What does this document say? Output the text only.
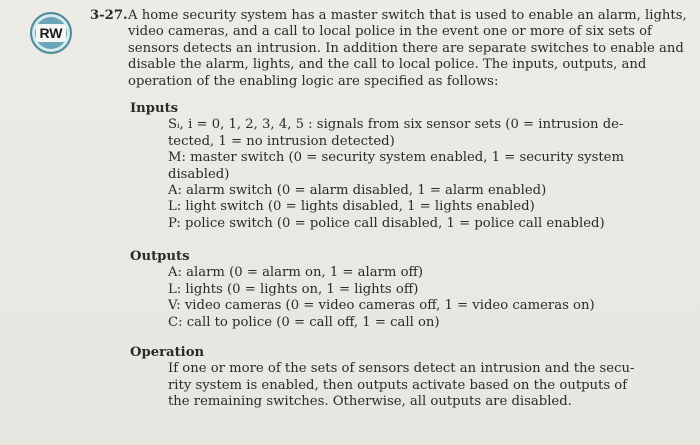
RW
3-27. A home security system has a master switch that is used to enable an alarm, lights, video cameras, and a call to local police in the event one or more of six sets of sensors detects an intrusion. In addition there are separate switches to enable and disable the alarm, lights, and the call to local police. The inputs, outputs, and operation of the enabling logic are specified as follows:
Inputs
Sᵢ, i = 0, 1, 2, 3, 4, 5 : signals from six sensor sets (0 = intrusion de-
tected, 1 = no intrusion detected)
M: master switch (0 = security system enabled, 1 = security system
disabled)
A: alarm switch (0 = alarm disabled, 1 = alarm enabled)
L: light switch (0 = lights disabled, 1 = lights enabled)
P: police switch (0 = police call disabled, 1 = police call enabled)
Outputs
A: alarm (0 = alarm on, 1 = alarm off)
L: lights (0 = lights on, 1 = lights off)
V: video cameras (0 = video cameras off, 1 = video cameras on)
C: call to police (0 = call off, 1 = call on)
Operation
If one or more of the sets of sensors detect an intrusion and the secu-
rity system is enabled, then outputs activate based on the outputs of
the remaining switches. Otherwise, all outputs are disabled.
